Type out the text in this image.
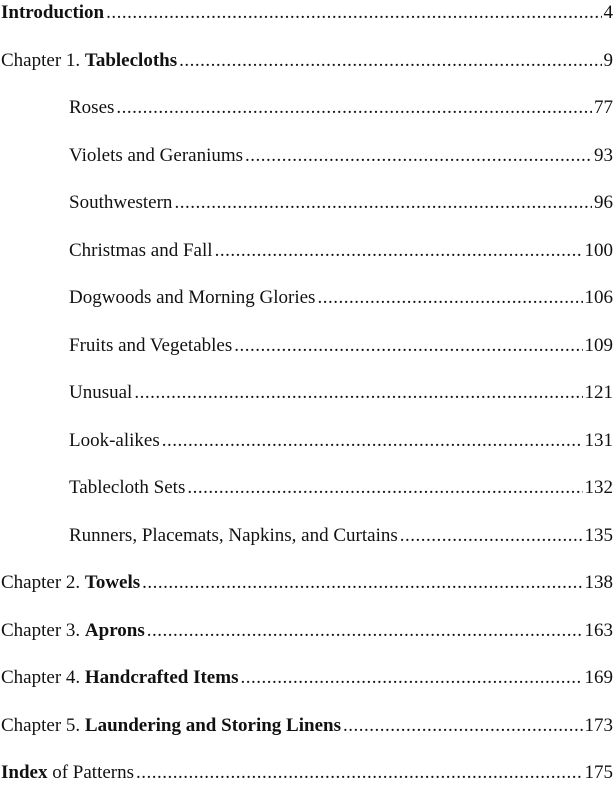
Introduction .....	4
Chapter 1. Tablecloths .....	9
Roses .....	77
Violets and Geraniums .....	93
Southwestern .....	96
Christmas and Fall .....	100
Dogwoods and Morning Glories .....	106
Fruits and Vegetables .....	109
Unusual .....	121
Look-alikes .....	131
Tablecloth Sets .....	132
Runners, Placemats, Napkins, and Curtains .....	135
Chapter 2. Towels .....	138
Chapter 3. Aprons .....	163
Chapter 4. Handcrafted Items .....	169
Chapter 5. Laundering and Storing Linens .....	173
Index of Patterns .....	175
